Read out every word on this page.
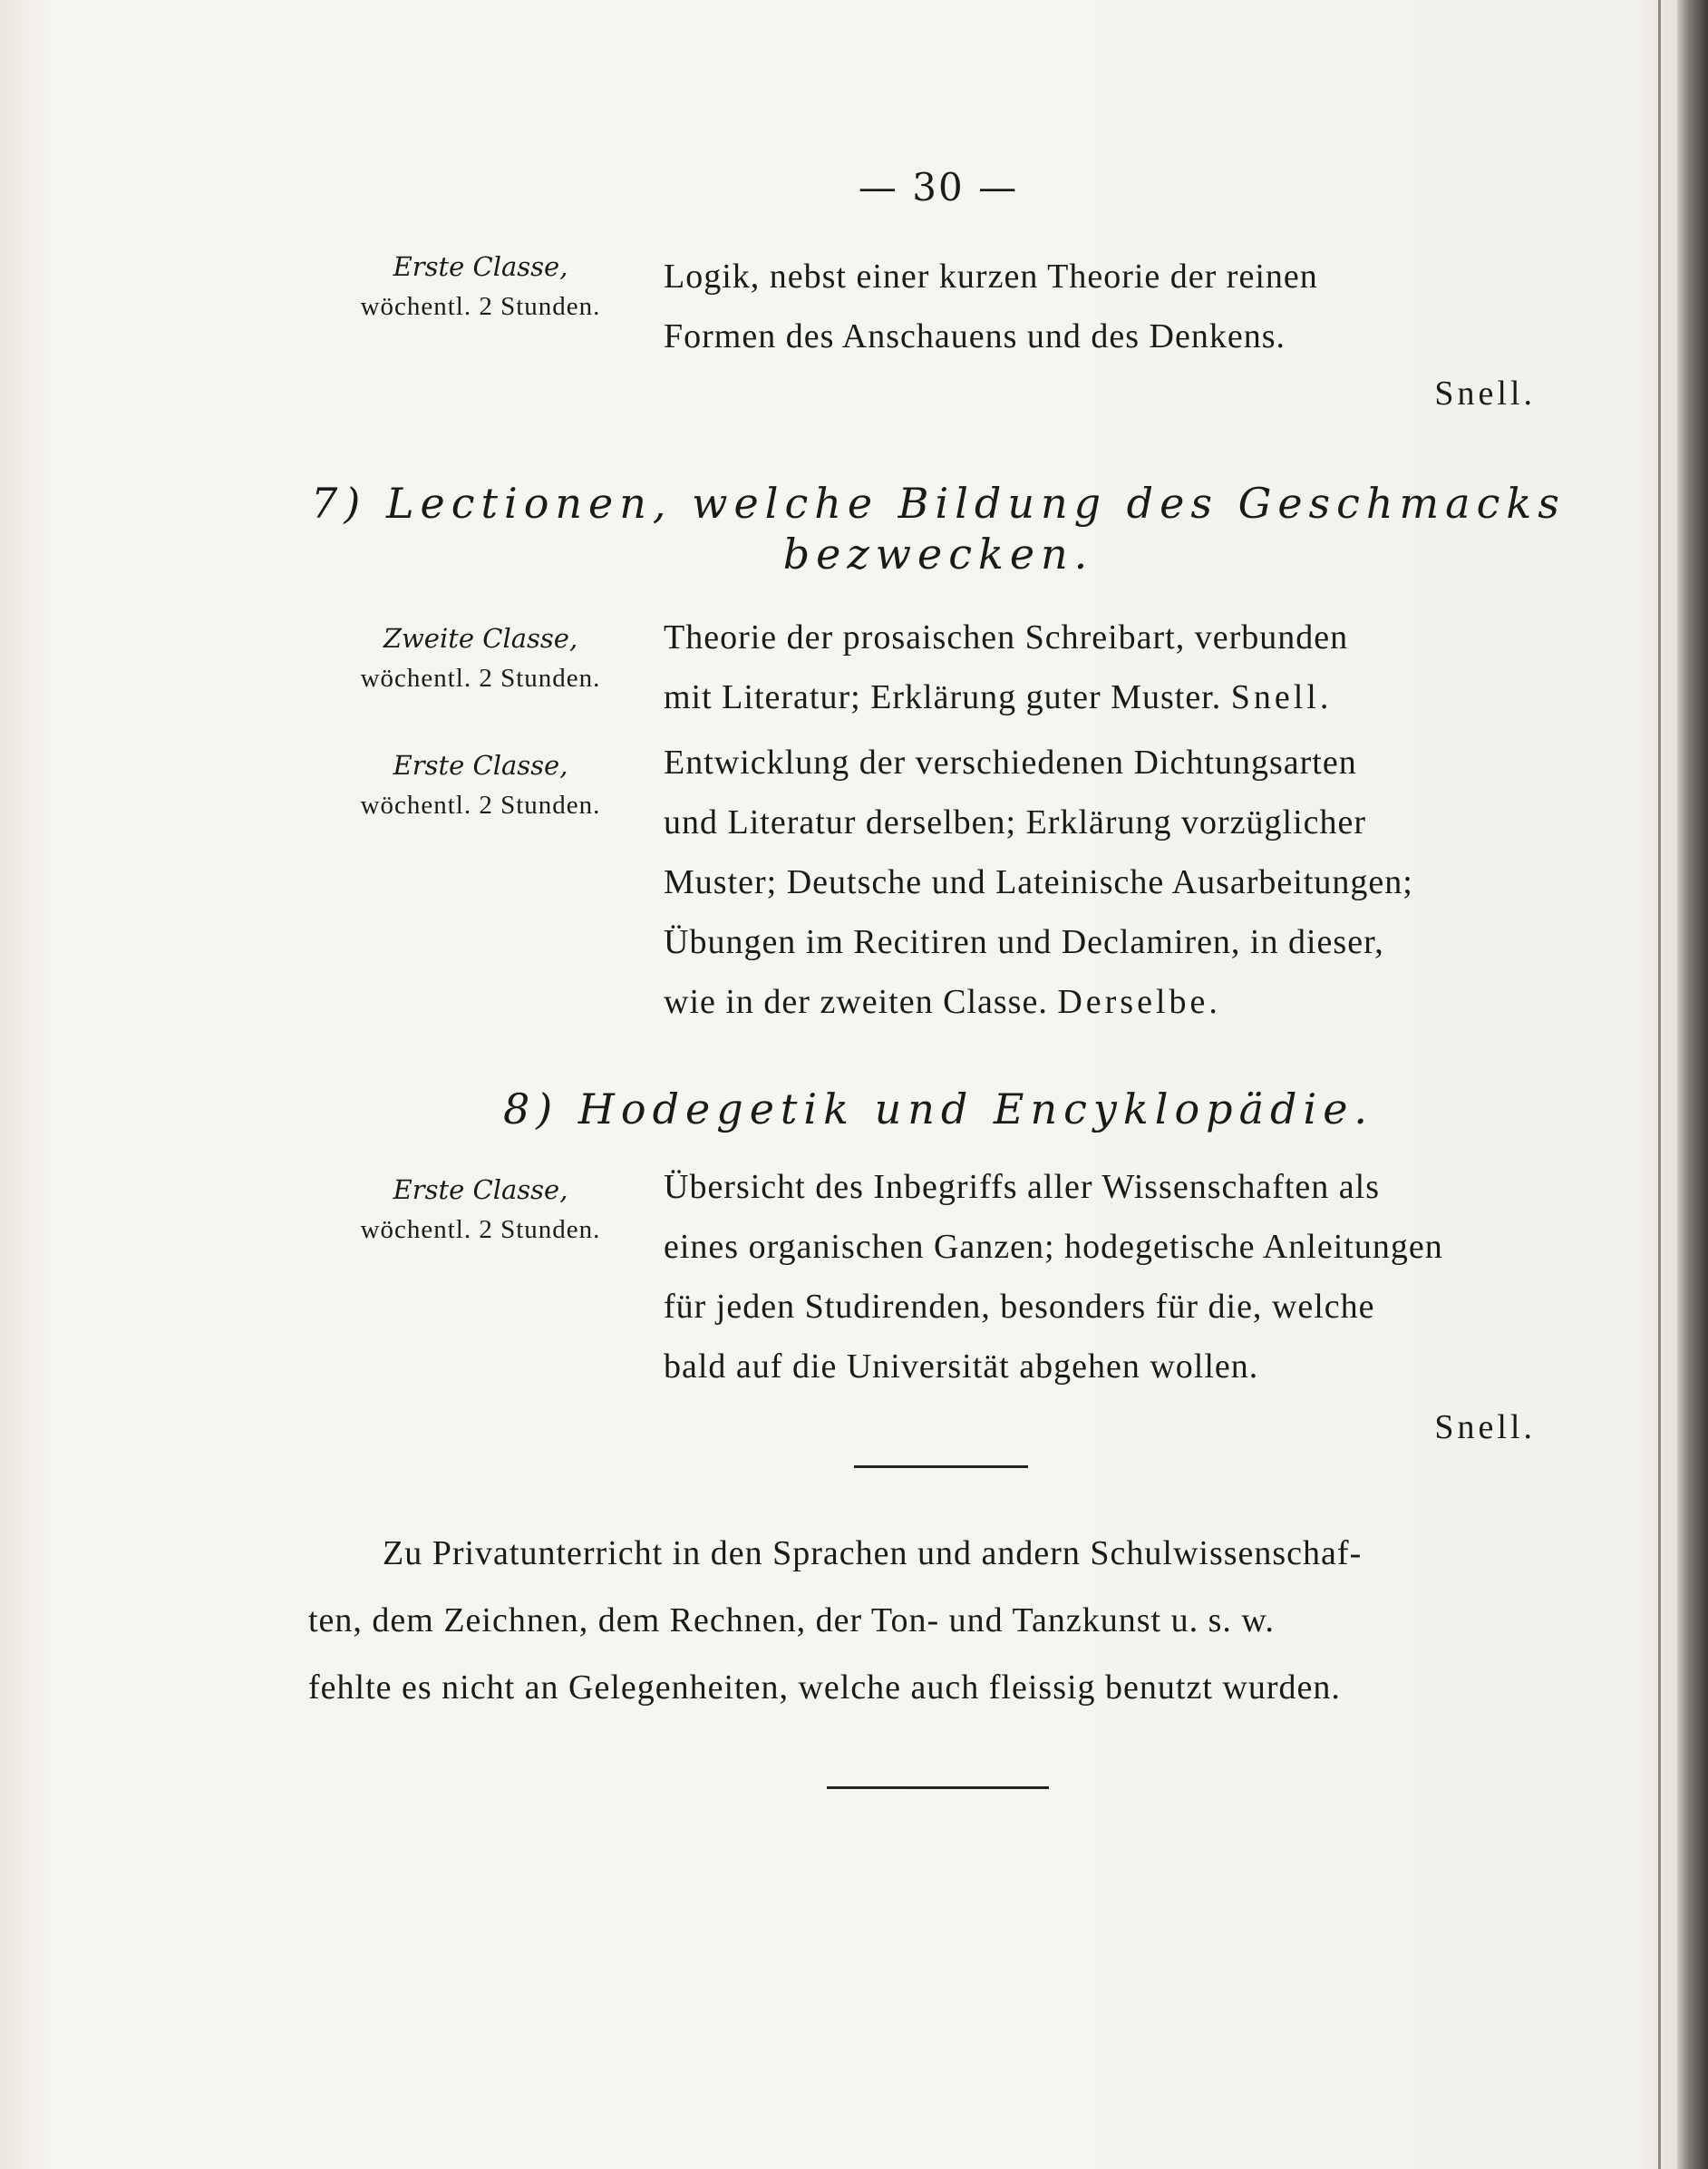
— 30 —
Erste Classe,
wöchentl. 2 Stunden.
Logik, nebst einer kurzen Theorie der reinen
Formen des Anschauens und des Denkens.
Snell.
7) Lectionen, welche Bildung des Geschmacks
bezwecken.
Zweite Classe,
wöchentl. 2 Stunden.
Theorie der prosaischen Schreibart, verbunden
mit Literatur; Erklärung guter Muster. Snell.
Erste Classe,
wöchentl. 2 Stunden.
Entwicklung der verschiedenen Dichtungsarten
und Literatur derselben; Erklärung vorzüglicher
Muster; Deutsche und Lateinische Ausarbeitungen;
Übungen im Recitiren und Declamiren, in dieser,
wie in der zweiten Classe. Derselbe.
8) Hodegetik und Encyklopädie.
Erste Classe,
wöchentl. 2 Stunden.
Übersicht des Inbegriffs aller Wissenschaften als
eines organischen Ganzen; hodegetische Anleitungen
für jeden Studirenden, besonders für die, welche
bald auf die Universität abgehen wollen.
Snell.
Zu Privatunterricht in den Sprachen und andern Schulwissenschaf-
ten, dem Zeichnen, dem Rechnen, der Ton- und Tanzkunst u. s. w.
fehlte es nicht an Gelegenheiten, welche auch fleissig benutzt wurden.
